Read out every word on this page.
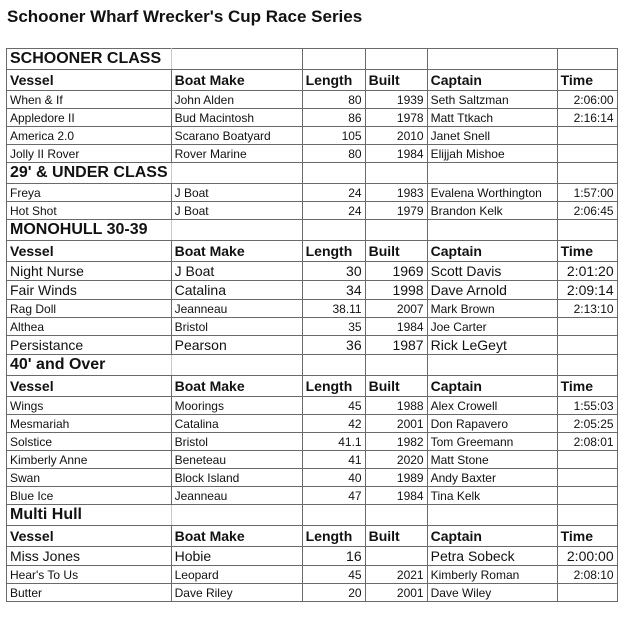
Schooner Wharf Wrecker's Cup Race Series
SCHOONER CLASS					
Vessel	Boat Make	Length	Built	Captain	Time
When & If	John Alden	80	1939	Seth Saltzman	2:06:00
Appledore II	Bud Macintosh	86	1978	Matt Ttkach	2:16:14
America 2.0	Scarano Boatyard	105	2010	Janet Snell	
Jolly II Rover	Rover Marine	80	1984	Elijjah Mishoe	
29' & UNDER CLASS					
Freya	J Boat	24	1983	Evalena Worthington	1:57:00
Hot Shot	J Boat	24	1979	Brandon Kelk	2:06:45
MONOHULL 30-39					
Vessel	Boat Make	Length	Built	Captain	Time
Night Nurse	J Boat	30	1969	Scott Davis	2:01:20
Fair Winds	Catalina	34	1998	Dave Arnold	2:09:14
Rag Doll	Jeanneau	38.11	2007	Mark Brown	2:13:10
Althea	Bristol	35	1984	Joe Carter	
Persistance	Pearson	36	1987	Rick LeGeyt	
40' and Over					
Vessel	Boat Make	Length	Built	Captain	Time
Wings	Moorings	45	1988	Alex Crowell	1:55:03
Mesmariah	Catalina	42	2001	Don Rapavero	2:05:25
Solstice	Bristol	41.1	1982	Tom Greemann	2:08:01
Kimberly Anne	Beneteau	41	2020	Matt Stone	
Swan	Block Island	40	1989	Andy Baxter	
Blue Ice	Jeanneau	47	1984	Tina Kelk	
Multi Hull					
Vessel	Boat Make	Length	Built	Captain	Time
Miss Jones	Hobie	16		Petra Sobeck	2:00:00
Hear's To Us	Leopard	45	2021	Kimberly Roman	2:08:10
Butter	Dave Riley	20	2001	Dave Wiley	
